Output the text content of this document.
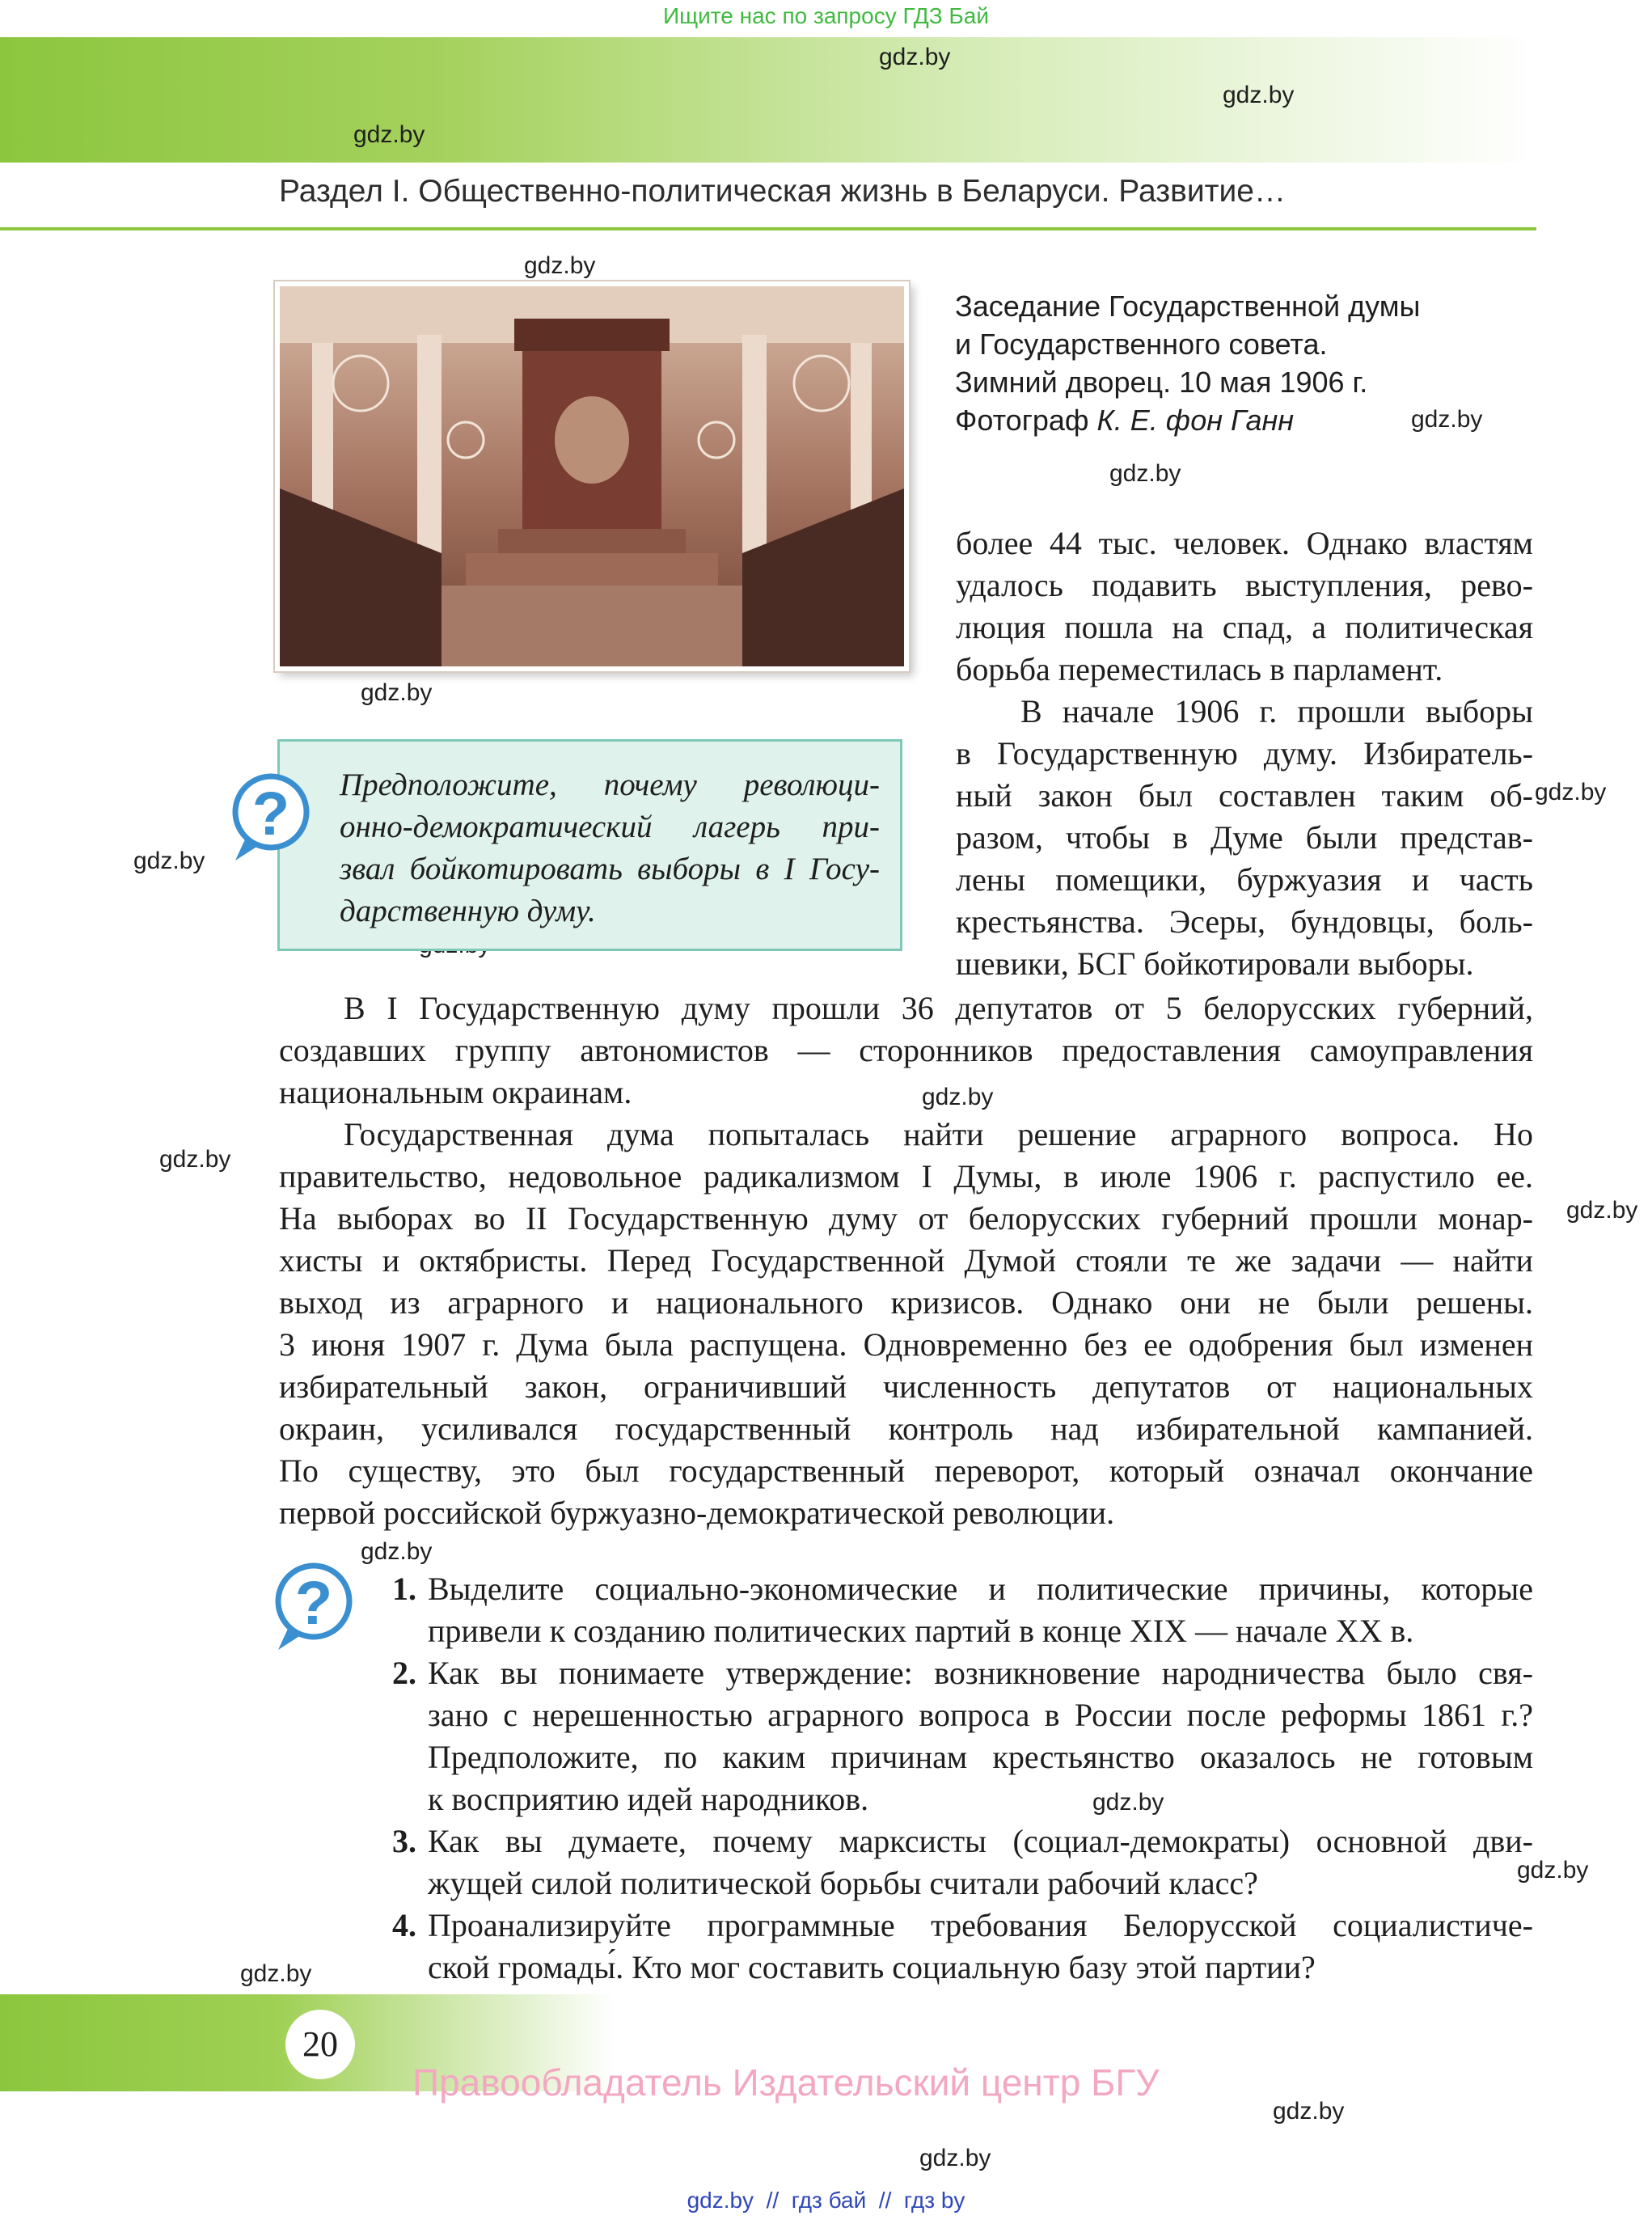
Ищите нас по запросу ГДЗ Бай
Раздел I. Общественно-политическая жизнь в Беларуси. Развитие…
gdz.by
gdz.by
gdz.by
gdz.by
gdz.by
gdz.by
gdz.by
gdz.by
gdz.by
gdz.by
gdz.by
gdz.by
gdz.by
gdz.by
gdz.by
gdz.by
gdz.by
gdz.by
Заседание Государственной думы
и Государственного совета.
Зимний дворец. 10 мая 1906 г.
Фотограф К. Е. фон Ганн
более 44 тыс. человек. Однако властям
удалось подавить выступления, рево-
люция пошла на спад, а политическая
борьба переместилась в парламент.
В начале 1906 г. прошли выборы
в Государственную думу. Избиратель-
ный закон был составлен таким об-
разом, чтобы в Думе были представ-
лены помещики, буржуазия и часть
крестьянства. Эсеры, бундовцы, боль-
шевики, БСГ бойкотировали выборы.
? Предположите, почему революци-
онно-демократический лагерь при-
звал бойкотировать выборы в I Госу-
дарственную думу.
В I Государственную думу прошли 36 депутатов от 5 белорусских губерний,
создавших группу автономистов — сторонников предоставления самоуправления
национальным окраинам.
Государственная дума попыталась найти решение аграрного вопроса. Но
правительство, недовольное радикализмом I Думы, в июле 1906 г. распустило ее.
На выборах во II Государственную думу от белорусских губерний прошли монар-
хисты и октябристы. Перед Государственной Думой стояли те же задачи — найти
выход из аграрного и национального кризисов. Однако они не были решены.
3 июня 1907 г. Дума была распущена. Одновременно без ее одобрения был изменен
избирательный закон, ограничивший численность депутатов от национальных
окраин, усиливался государственный контроль над избирательной кампанией.
По существу, это был государственный переворот, который означал окончание
первой российской буржуазно-демократической революции.
? 1. Выделите социально-экономические и политические причины, которые
привели к созданию политических партий в конце XIX — начале XX в.
2. Как вы понимаете утверждение: возникновение народничества было свя-
зано с нерешенностью аграрного вопроса в России после реформы 1861 г.?
Предположите, по каким причинам крестьянство оказалось не готовым
к восприятию идей народников.
3. Как вы думаете, почему марксисты (социал-демократы) основной дви-
жущей силой политической борьбы считали рабочий класс?
4. Проанализируйте программные требования Белорусской социалистиче-
ской громады́. Кто мог составить социальную базу этой партии?
20
Правообладатель Издательский центр БГУ
gdz.by  //  гдз бай  //  гдз by
